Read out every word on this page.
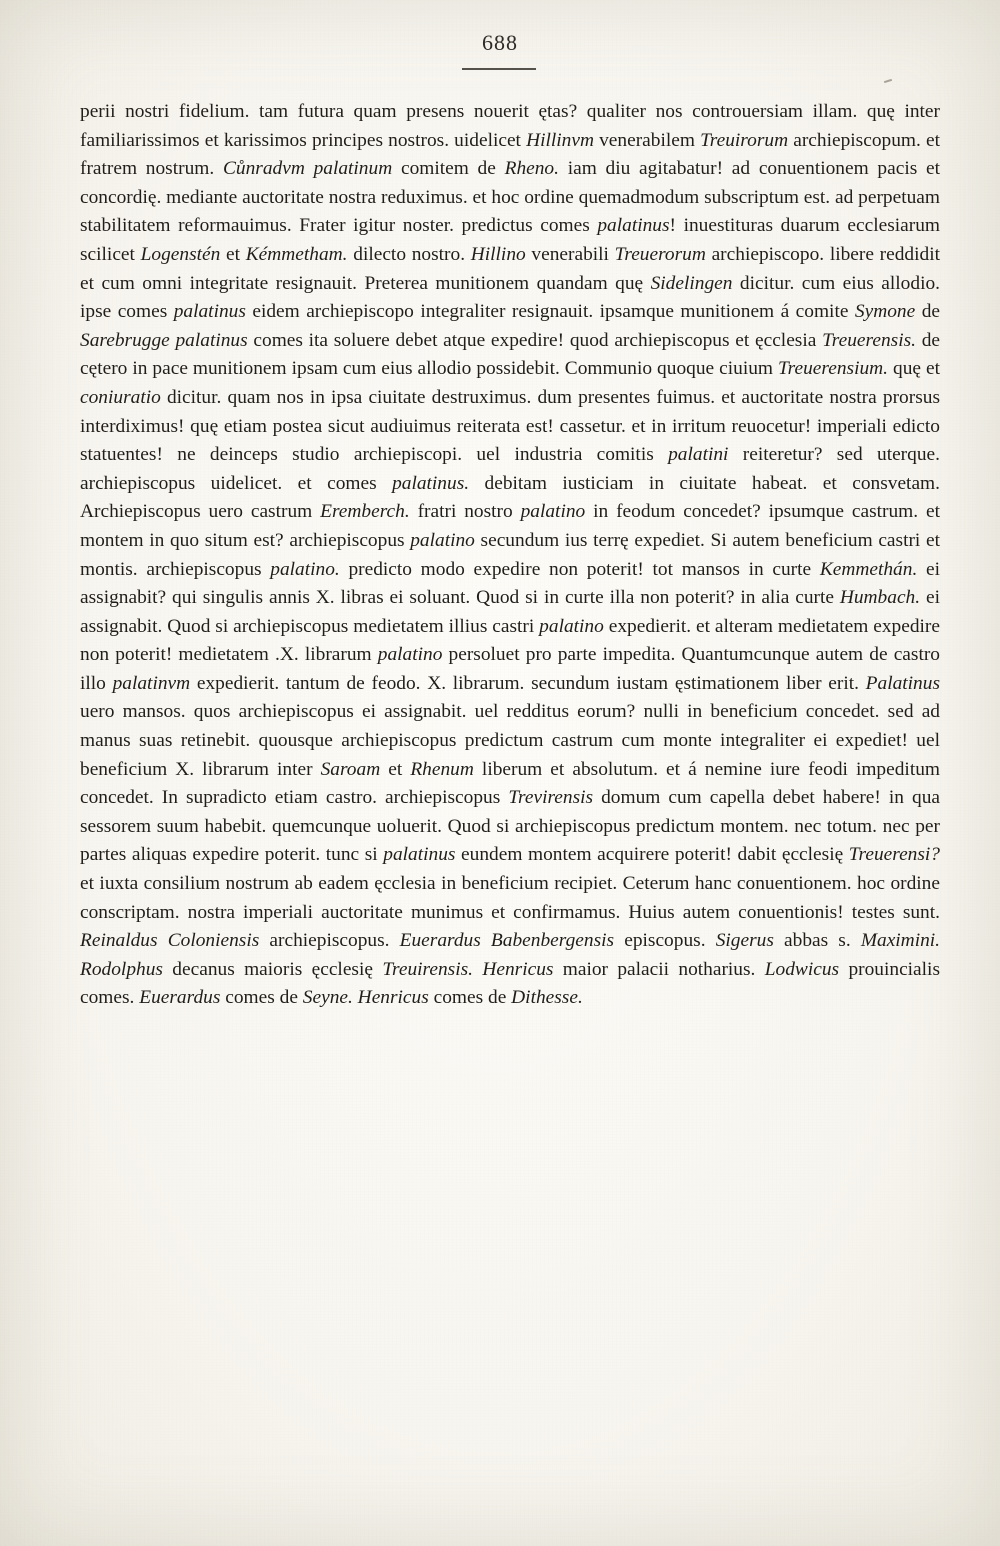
688

perii nostri fidelium. tam futura quam presens nouerit ętas? qualiter nos controuersiam illam. quę inter familiarissimos et karissimos principes nostros. uidelicet Hillinvm venerabilem Treuirorum archiepiscopum. et fratrem nostrum. Cůnradvm palatinum comitem de Rheno. iam diu agitabatur! ad conuentionem pacis et concordię. mediante auctoritate nostra reduximus. et hoc ordine quemadmodum subscriptum est. ad perpetuam stabilitatem reformauimus. Frater igitur noster. predictus comes palatinus! inuestituras duarum ecclesiarum scilicet Logenstén et Kémmetham. dilecto nostro. Hillino venerabili Treuerorum archiepiscopo. libere reddidit et cum omni integritate resignauit. Preterea munitionem quandam quę Sidelingen dicitur. cum eius allodio. ipse comes palatinus eidem archiepiscopo integraliter resignauit. ipsamque munitionem á comite Symone de Sarebrugge palatinus comes ita soluere debet atque expedire! quod archiepiscopus et ęcclesia Treuerensis. de cętero in pace munitionem ipsam cum eius allodio possidebit. Communio quoque ciuium Treuerensium. quę et coniuratio dicitur. quam nos in ipsa ciuitate destruximus. dum presentes fuimus. et auctoritate nostra prorsus interdiximus! quę etiam postea sicut audiuimus reiterata est! cassetur. et in irritum reuocetur! imperiali edicto statuentes! ne deinceps studio archiepiscopi. uel industria comitis palatini reiteretur? sed uterque. archiepiscopus uidelicet. et comes palatinus. debitam iusticiam in ciuitate habeat. et consvetam. Archiepiscopus uero castrum Eremberch. fratri nostro palatino in feodum concedet? ipsumque castrum. et montem in quo situm est? archiepiscopus palatino secundum ius terrę expediet. Si autem beneficium castri et montis. archiepiscopus palatino. predicto modo expedire non poterit! tot mansos in curte Kemmethán. ei assignabit? qui singulis annis X. libras ei soluant. Quod si in curte illa non poterit? in alia curte Humbach. ei assignabit. Quod si archiepiscopus medietatem illius castri palatino expedierit. et alteram medietatem expedire non poterit! medietatem .X. librarum palatino persoluet pro parte impedita. Quantumcunque autem de castro illo palatinvm expedierit. tantum de feodo. X. librarum. secundum iustam ęstimationem liber erit. Palatinus uero mansos. quos archiepiscopus ei assignabit. uel redditus eorum? nulli in beneficium concedet. sed ad manus suas retinebit. quousque archiepiscopus predictum castrum cum monte integraliter ei expediet! uel beneficium X. librarum inter Saroam et Rhenum liberum et absolutum. et á nemine iure feodi impeditum concedet. In supradicto etiam castro. archiepiscopus Trevirensis domum cum capella debet habere! in qua sessorem suum habebit. quemcunque uoluerit. Quod si archiepiscopus predictum montem. nec totum. nec per partes aliquas expedire poterit. tunc si palatinus eundem montem acquirere poterit! dabit ęcclesię Treuerensi? et iuxta consilium nostrum ab eadem ęcclesia in beneficium recipiet. Ceterum hanc conuentionem. hoc ordine conscriptam. nostra imperiali auctoritate munimus et confirmamus. Huius autem conuentionis! testes sunt. Reinaldus Coloniensis archiepiscopus. Euerardus Babenbergensis episcopus. Sigerus abbas s. Maximini. Rodolphus decanus maioris ęcclesię Treuirensis. Henricus maior palacii notharius. Lodwicus prouincialis comes. Euerardus comes de Seyne. Henricus comes de Dithesse.
